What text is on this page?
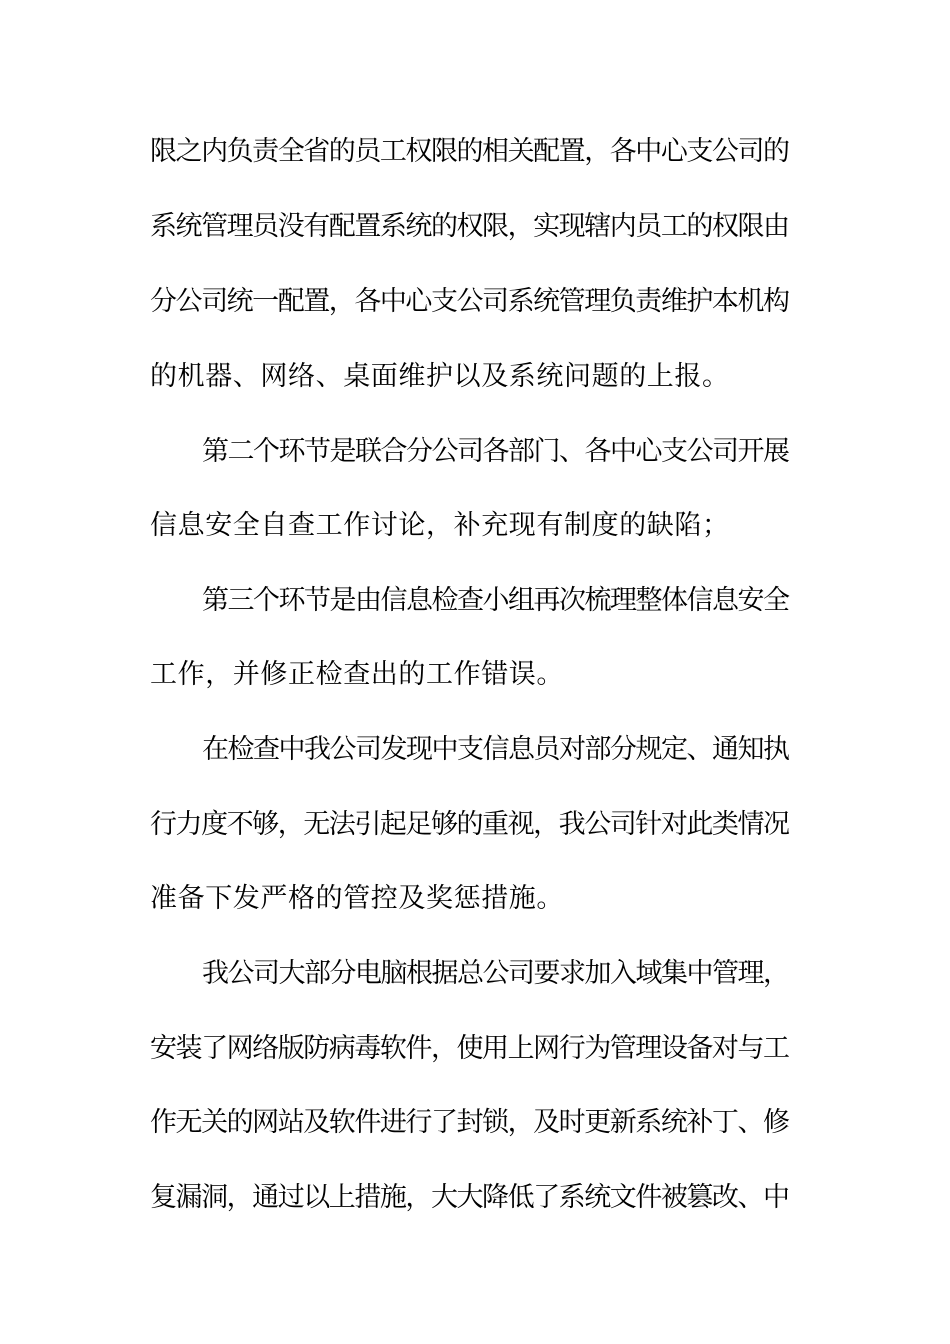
限之内负责全省的员工权限的相关配置，各中心支公司的
系统管理员没有配置系统的权限，实现辖内员工的权限由
分公司统一配置，各中心支公司系统管理负责维护本机构
的机器、网络、桌面维护以及系统问题的上报。
第二个环节是联合分公司各部门、各中心支公司开展
信息安全自查工作讨论，补充现有制度的缺陷；
第三个环节是由信息检查小组再次梳理整体信息安全
工作，并修正检查出的工作错误。
在检查中我公司发现中支信息员对部分规定、通知执
行力度不够，无法引起足够的重视，我公司针对此类情况
准备下发严格的管控及奖惩措施。
我公司大部分电脑根据总公司要求加入域集中管理，
安装了网络版防病毒软件，使用上网行为管理设备对与工
作无关的网站及软件进行了封锁，及时更新系统补丁、修
复漏洞，通过以上措施，大大降低了系统文件被篡改、中
